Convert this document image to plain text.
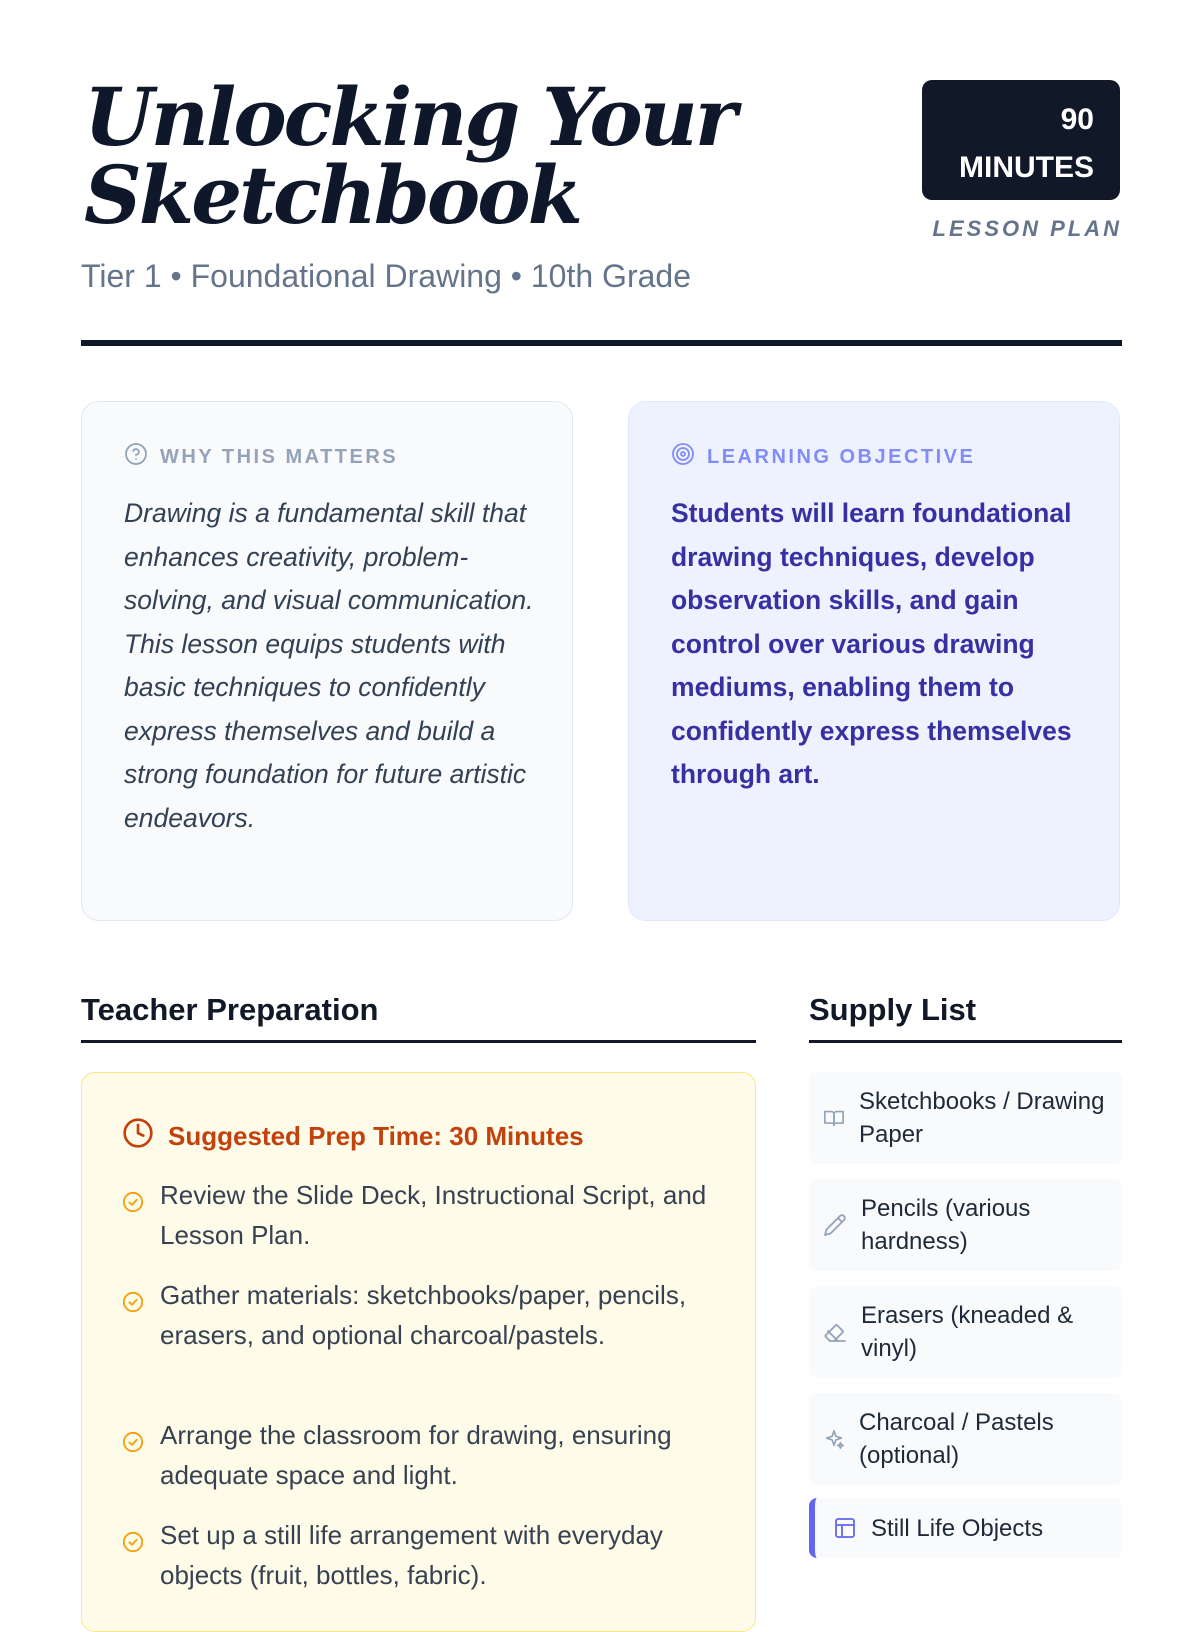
Unlocking Your Sketchbook

Tier 1 • Foundational Drawing • 10th Grade

90
MINUTES
LESSON PLAN
WHY THIS MATTERS

Drawing is a fundamental skill that enhances creativity, problem-solving, and visual communication. This lesson equips students with basic techniques to confidently express themselves and build a strong foundation for future artistic endeavors.

LEARNING OBJECTIVE

Students will learn foundational drawing techniques, develop observation skills, and gain control over various drawing mediums, enabling them to confidently express themselves through art.

Teacher Preparation
Suggested Prep Time: 30 Minutes
Review the Slide Deck, Instructional Script, and Lesson Plan.
Gather materials: sketchbooks/paper, pencils, erasers, and optional charcoal/pastels.
Arrange the classroom for drawing, ensuring adequate space and light.
Set up a still life arrangement with everyday objects (fruit, bottles, fabric).
Supply List
Sketchbooks / Drawing Paper
Pencils (various hardness)
Erasers (kneaded & vinyl)
Charcoal / Pastels (optional)
Still Life Objects
